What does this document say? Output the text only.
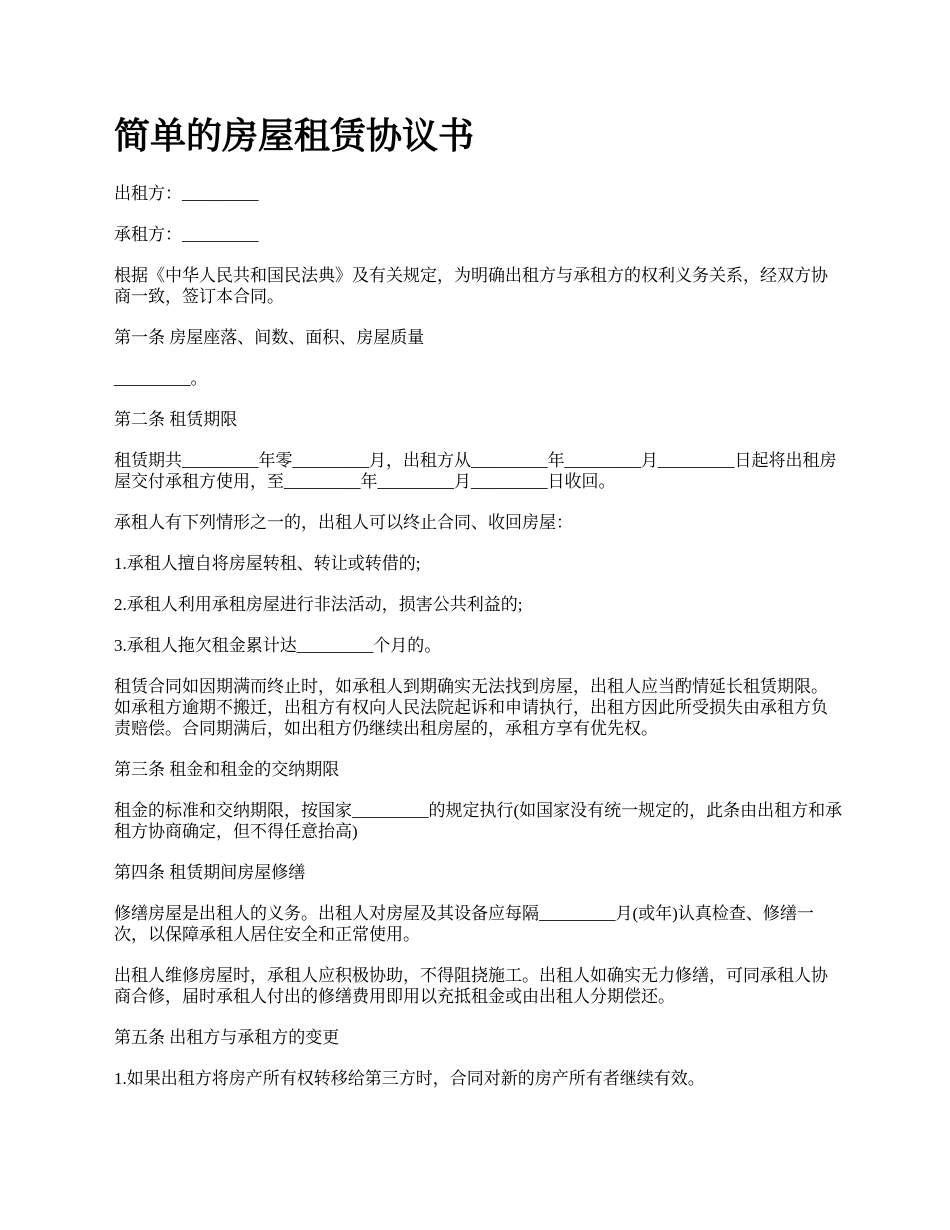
简单的房屋租赁协议书

出租方：_________

承租方：_________

根据《中华人民共和国民法典》及有关规定，为明确出租方与承租方的权利义务关系，经双方协商一致，签订本合同。

第一条 房屋座落、间数、面积、房屋质量

_________。

第二条 租赁期限

租赁期共_________年零_________月，出租方从_________年_________月_________日起将出租房屋交付承租方使用，至_________年_________月_________日收回。

承租人有下列情形之一的，出租人可以终止合同、收回房屋：

1.承租人擅自将房屋转租、转让或转借的;

2.承租人利用承租房屋进行非法活动，损害公共利益的;

3.承租人拖欠租金累计达_________个月的。

租赁合同如因期满而终止时，如承租人到期确实无法找到房屋，出租人应当酌情延长租赁期限。如承租方逾期不搬迁，出租方有权向人民法院起诉和申请执行，出租方因此所受损失由承租方负责赔偿。合同期满后，如出租方仍继续出租房屋的，承租方享有优先权。

第三条 租金和租金的交纳期限

租金的标准和交纳期限，按国家_________的规定执行(如国家没有统一规定的，此条由出租方和承租方协商确定，但不得任意抬高)

第四条 租赁期间房屋修缮

修缮房屋是出租人的义务。出租人对房屋及其设备应每隔_________月(或年)认真检查、修缮一次，以保障承租人居住安全和正常使用。

出租人维修房屋时，承租人应积极协助，不得阻挠施工。出租人如确实无力修缮，可同承租人协商合修，届时承租人付出的修缮费用即用以充抵租金或由出租人分期偿还。

第五条 出租方与承租方的变更

1.如果出租方将房产所有权转移给第三方时，合同对新的房产所有者继续有效。
